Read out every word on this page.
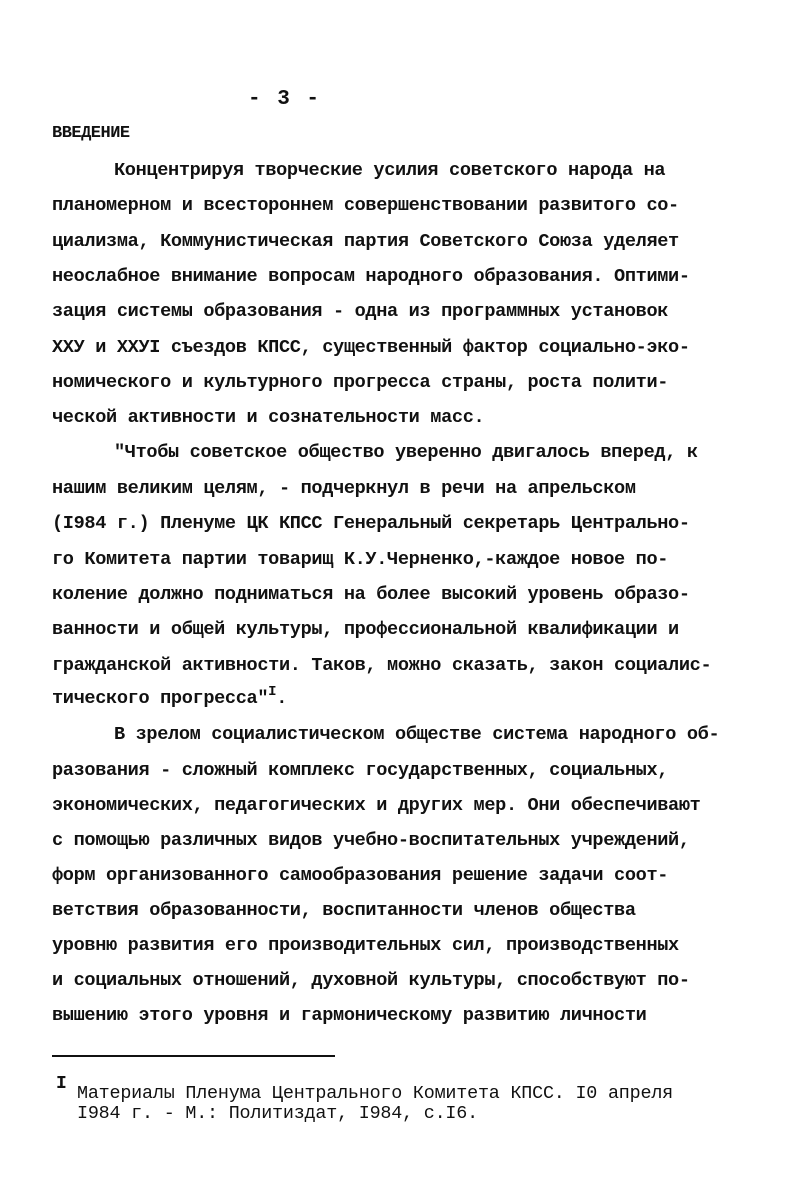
- 3 -
ВВЕДЕНИЕ
Концентрируя творческие усилия советского народа на
планомерном и всестороннем совершенствовании развитого со-
циализма, Коммунистическая партия Советского Союза уделяет
неослабное внимание вопросам народного образования. Оптими-
зация системы образования - одна из программных установок
ХХУ и ХХУI съездов КПСС, существенный фактор социально-эко-
номического и культурного прогресса страны, роста полити-
ческой активности и сознательности масс.
"Чтобы советское общество уверенно двигалось вперед, к
нашим великим целям, - подчеркнул в речи на апрельском
(I984 г.) Пленуме ЦК КПСС Генеральный секретарь Центрально-
го Комитета партии товарищ К.У.Черненко,-каждое новое по-
коление должно подниматься на более высокий уровень образо-
ванности и общей культуры, профессиональной квалификации и
гражданской активности. Таков, можно сказать, закон социалис-
тического прогресса"$^I$.
В зрелом социалистическом обществе система народного об-
разования - сложный комплекс государственных, социальных,
экономических, педагогических и других мер. Они обеспечивают
с помощью различных видов учебно-воспитательных учреждений,
форм организованного самообразования решение задачи соот-
ветствия образованности, воспитанности членов общества
уровню развития его производительных сил, производственных
и социальных отношений, духовной культуры, способствуют по-
вышению этого уровня и гармоническому развитию личности
I Материалы Пленума Центрального Комитета КПСС. I0 апреля
I984 г. - М.: Политиздат, I984, с.I6.
